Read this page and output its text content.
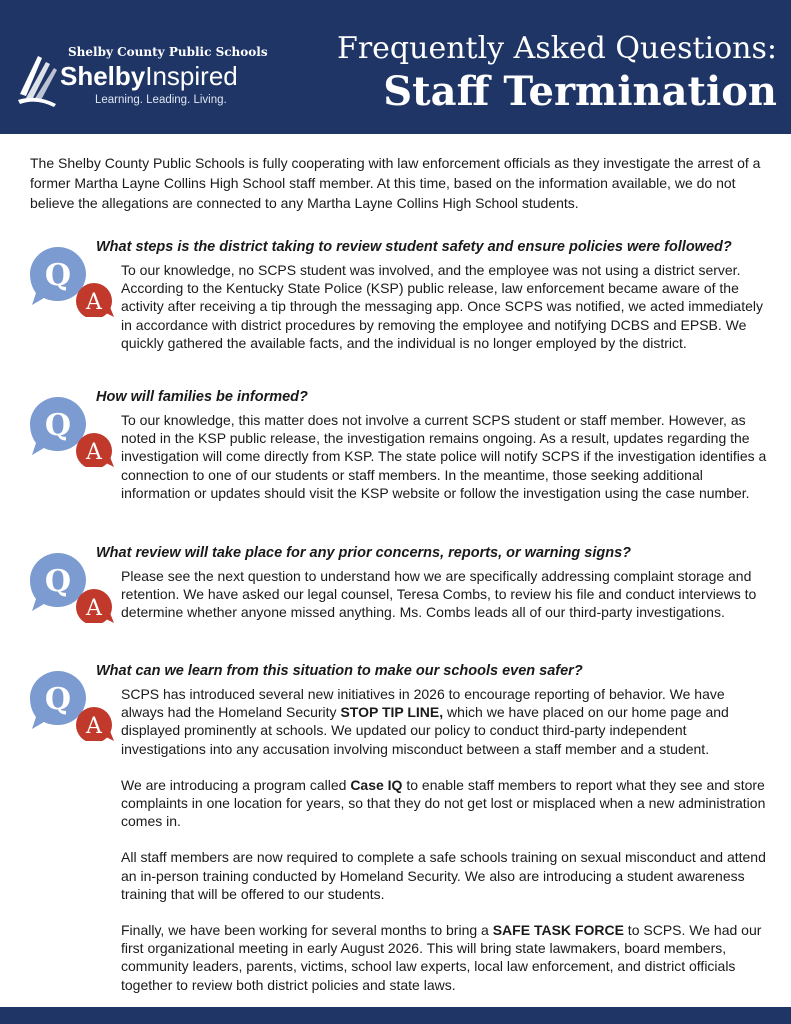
Shelby County Public Schools
ShelbyInspired
Learning. Leading. Living.
Frequently Asked Questions:
Staff Termination
The Shelby County Public Schools is fully cooperating with law enforcement officials as they investigate the arrest of a former Martha Layne Collins High School staff member. At this time, based on the information available, we do not believe the allegations are connected to any Martha Layne Collins High School students.
Q
A
What steps is the district taking to review student safety and ensure policies were followed?
To our knowledge, no SCPS student was involved, and the employee was not using a district server. According to the Kentucky State Police (KSP) public release, law enforcement became aware of the activity after receiving a tip through the messaging app. Once SCPS was notified, we acted immediately in accordance with district procedures by removing the employee and notifying DCBS and EPSB. We quickly gathered the available facts, and the individual is no longer employed by the district.
Q
A
How will families be informed?
To our knowledge, this matter does not involve a current SCPS student or staff member. However, as noted in the KSP public release, the investigation remains ongoing. As a result, updates regarding the investigation will come directly from KSP. The state police will notify SCPS if the investigation identifies a connection to one of our students or staff members. In the meantime, those seeking additional information or updates should visit the KSP website or follow the investigation using the case number.
Q
A
What review will take place for any prior concerns, reports, or warning signs?
Please see the next question to understand how we are specifically addressing complaint storage and retention. We have asked our legal counsel, Teresa Combs, to review his file and conduct interviews to determine whether anyone missed anything. Ms. Combs leads all of our third-party investigations.
Q
A
What can we learn from this situation to make our schools even safer?

SCPS has introduced several new initiatives in 2026 to encourage reporting of behavior. We have always had the Homeland Security STOP TIP LINE, which we have placed on our home page and displayed prominently at schools. We updated our policy to conduct third-party independent investigations into any accusation involving misconduct between a staff member and a student.

We are introducing a program called Case IQ to enable staff members to report what they see and store complaints in one location for years, so that they do not get lost or misplaced when a new administration comes in.

All staff members are now required to complete a safe schools training on sexual misconduct and attend an in-person training conducted by Homeland Security. We also are introducing a student awareness training that will be offered to our students.

Finally, we have been working for several months to bring a SAFE TASK FORCE to SCPS. We had our first organizational meeting in early August 2026. This will bring state lawmakers, board members, community leaders, parents, victims, school law experts, local law enforcement, and district officials together to review both district policies and state laws.
